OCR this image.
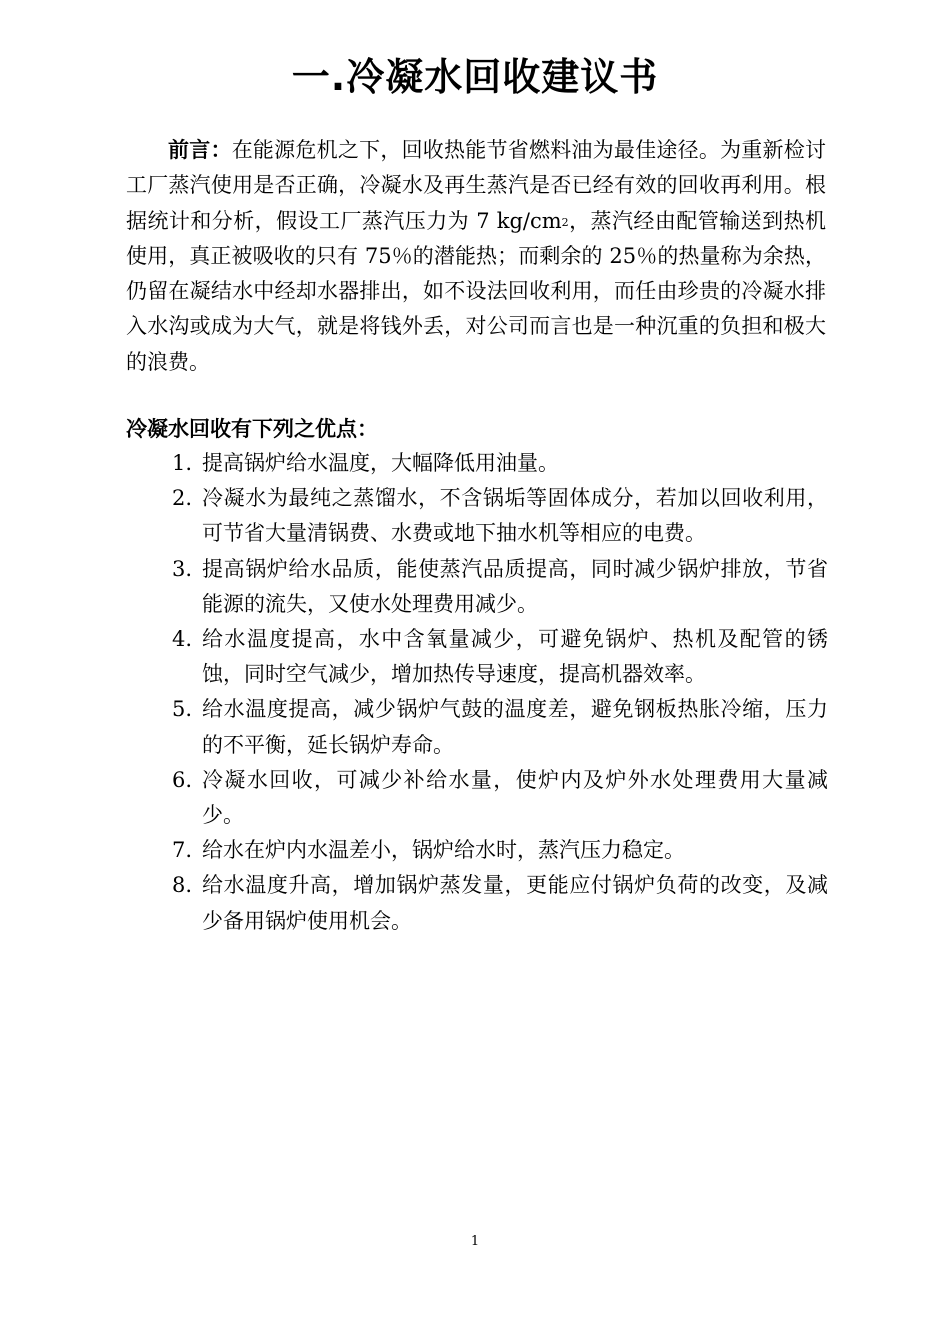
一.冷凝水回收建议书

前言：在能源危机之下，回收热能节省燃料油为最佳途径。为重新检讨工厂蒸汽使用是否正确，冷凝水及再生蒸汽是否已经有效的回收再利用。根据统计和分析，假设工厂蒸汽压力为 7 $kg/cm^2$，蒸汽经由配管输送到热机使用，真正被吸收的只有 75％的潜能热；而剩余的 25％的热量称为余热，仍留在凝结水中经却水器排出，如不设法回收利用，而任由珍贵的冷凝水排入水沟或成为大气，就是将钱外丢，对公司而言也是一种沉重的负担和极大的浪费。

冷凝水回收有下列之优点：
1. 提高锅炉给水温度，大幅降低用油量。
2. 冷凝水为最纯之蒸馏水，不含锅垢等固体成分，若加以回收利用，可节省大量清锅费、水费或地下抽水机等相应的电费。
3. 提高锅炉给水品质，能使蒸汽品质提高，同时减少锅炉排放，节省能源的流失，又使水处理费用减少。
4. 给水温度提高，水中含氧量减少，可避免锅炉、热机及配管的锈蚀，同时空气减少，增加热传导速度，提高机器效率。
5. 给水温度提高，减少锅炉气鼓的温度差，避免钢板热胀冷缩，压力的不平衡，延长锅炉寿命。
6. 冷凝水回收，可减少补给水量，使炉内及炉外水处理费用大量减少。
7. 给水在炉内水温差小，锅炉给水时，蒸汽压力稳定。
8. 给水温度升高，增加锅炉蒸发量，更能应付锅炉负荷的改变，及减少备用锅炉使用机会。
1
